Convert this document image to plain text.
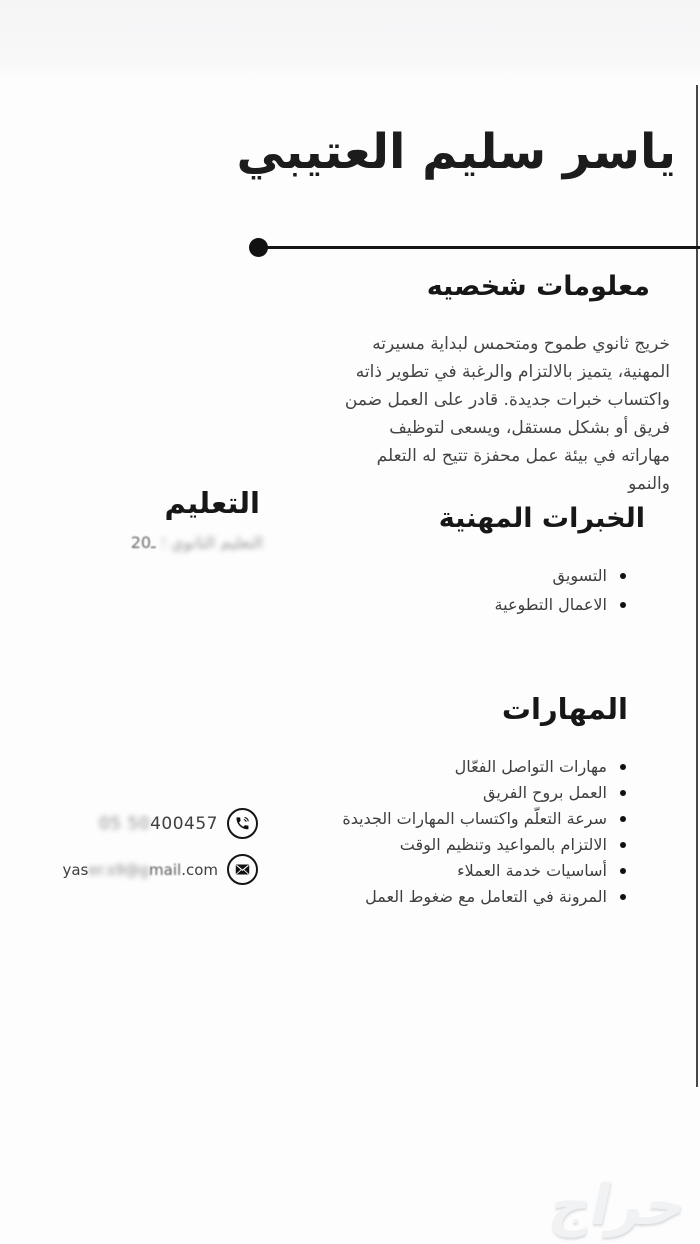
ياسر سليم العتيبي
معلومات شخصيه

خريج ثانوي طموح ومتحمس لبداية مسيرته المهنية، يتميز بالالتزام والرغبة في تطوير ذاته واكتساب خبرات جديدة. قادر على العمل ضمن فريق أو بشكل مستقل، ويسعى لتوظيف مهاراته في بيئة عمل محفزة تتيح له التعلم والنمو

التعليم
التعليم الثانوي ؛ ـ20
الخبرات المهنية
التسويق
الاعمال التطوعية
المهارات
مهارات التواصل الفعّال
العمل بروح الفريق
سرعة التعلّم واكتساب المهارات الجديدة
الالتزام بالمواعيد وتنظيم الوقت
أساسيات خدمة العملاء
المرونة في التعامل مع ضغوط العمل
05 50400457
yaser.s9@gmail.com
حراج
